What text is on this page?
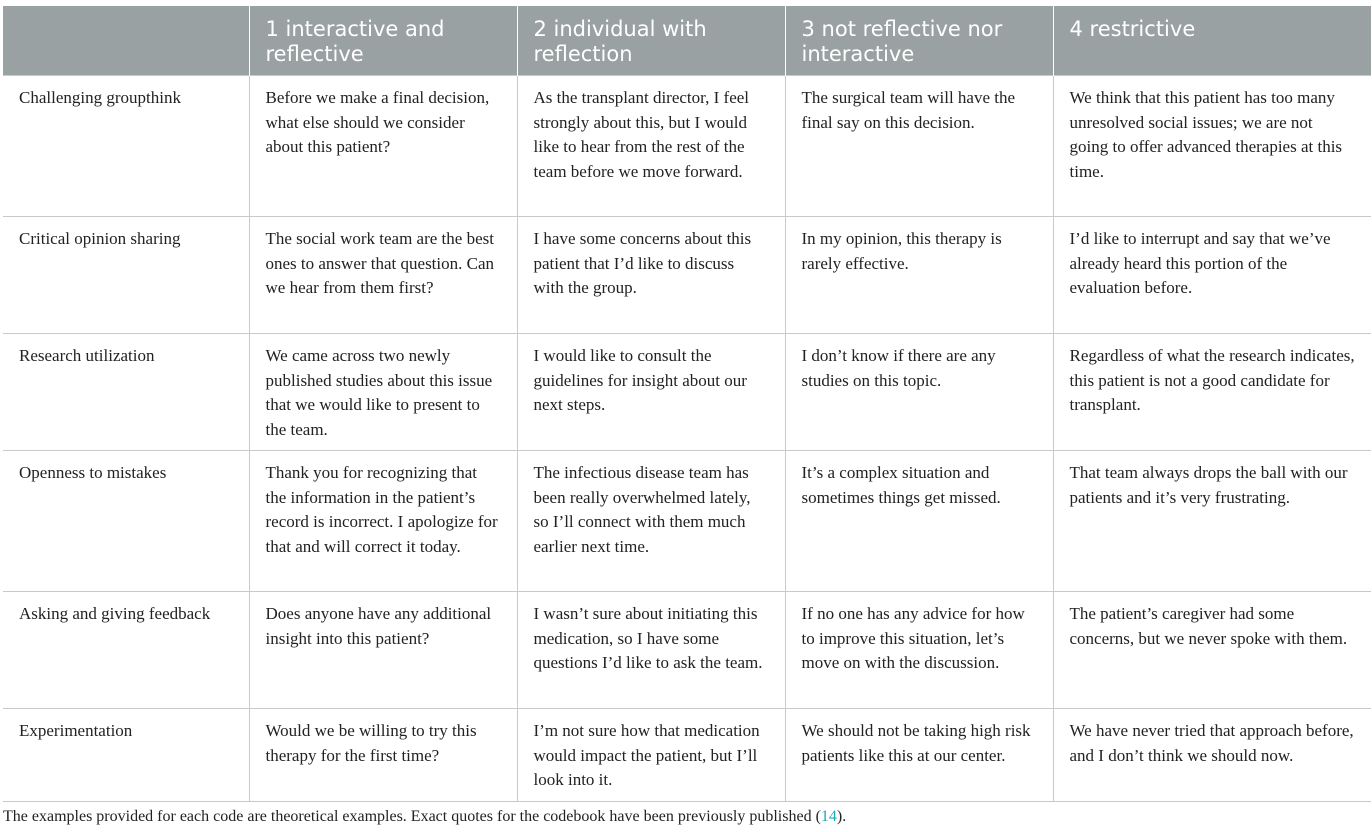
	1 interactive and reflective	2 individual with reflection	3 not reflective nor interactive	4 restrictive
Challenging groupthink	Before we make a final decision, what else should we consider about this patient?	As the transplant director, I feel strongly about this, but I would like to hear from the rest of the team before we move forward.	The surgical team will have the final say on this decision.	We think that this patient has too many unresolved social issues; we are not going to offer advanced therapies at this time.
Critical opinion sharing	The social work team are the best ones to answer that question. Can we hear from them first?	I have some concerns about this patient that I’d like to discuss with the group.	In my opinion, this therapy is rarely effective.	I’d like to interrupt and say that we’ve already heard this portion of the evaluation before.
Research utilization	We came across two newly published studies about this issue that we would like to present to the team.	I would like to consult the guidelines for insight about our next steps.	I don’t know if there are any studies on this topic.	Regardless of what the research indicates, this patient is not a good candidate for transplant.
Openness to mistakes	Thank you for recognizing that the information in the patient’s record is incorrect. I apologize for that and will correct it today.	The infectious disease team has been really overwhelmed lately, so I’ll connect with them much earlier next time.	It’s a complex situation and sometimes things get missed.	That team always drops the ball with our patients and it’s very frustrating.
Asking and giving feedback	Does anyone have any additional insight into this patient?	I wasn’t sure about initiating this medication, so I have some questions I’d like to ask the team.	If no one has any advice for how to improve this situation, let’s move on with the discussion.	The patient’s caregiver had some concerns, but we never spoke with them.
Experimentation	Would we be willing to try this therapy for the first time?	I’m not sure how that medication would impact the patient, but I’ll look into it.	We should not be taking high risk patients like this at our center.	We have never tried that approach before, and I don’t think we should now.
The examples provided for each code are theoretical examples. Exact quotes for the codebook have been previously published (14).
